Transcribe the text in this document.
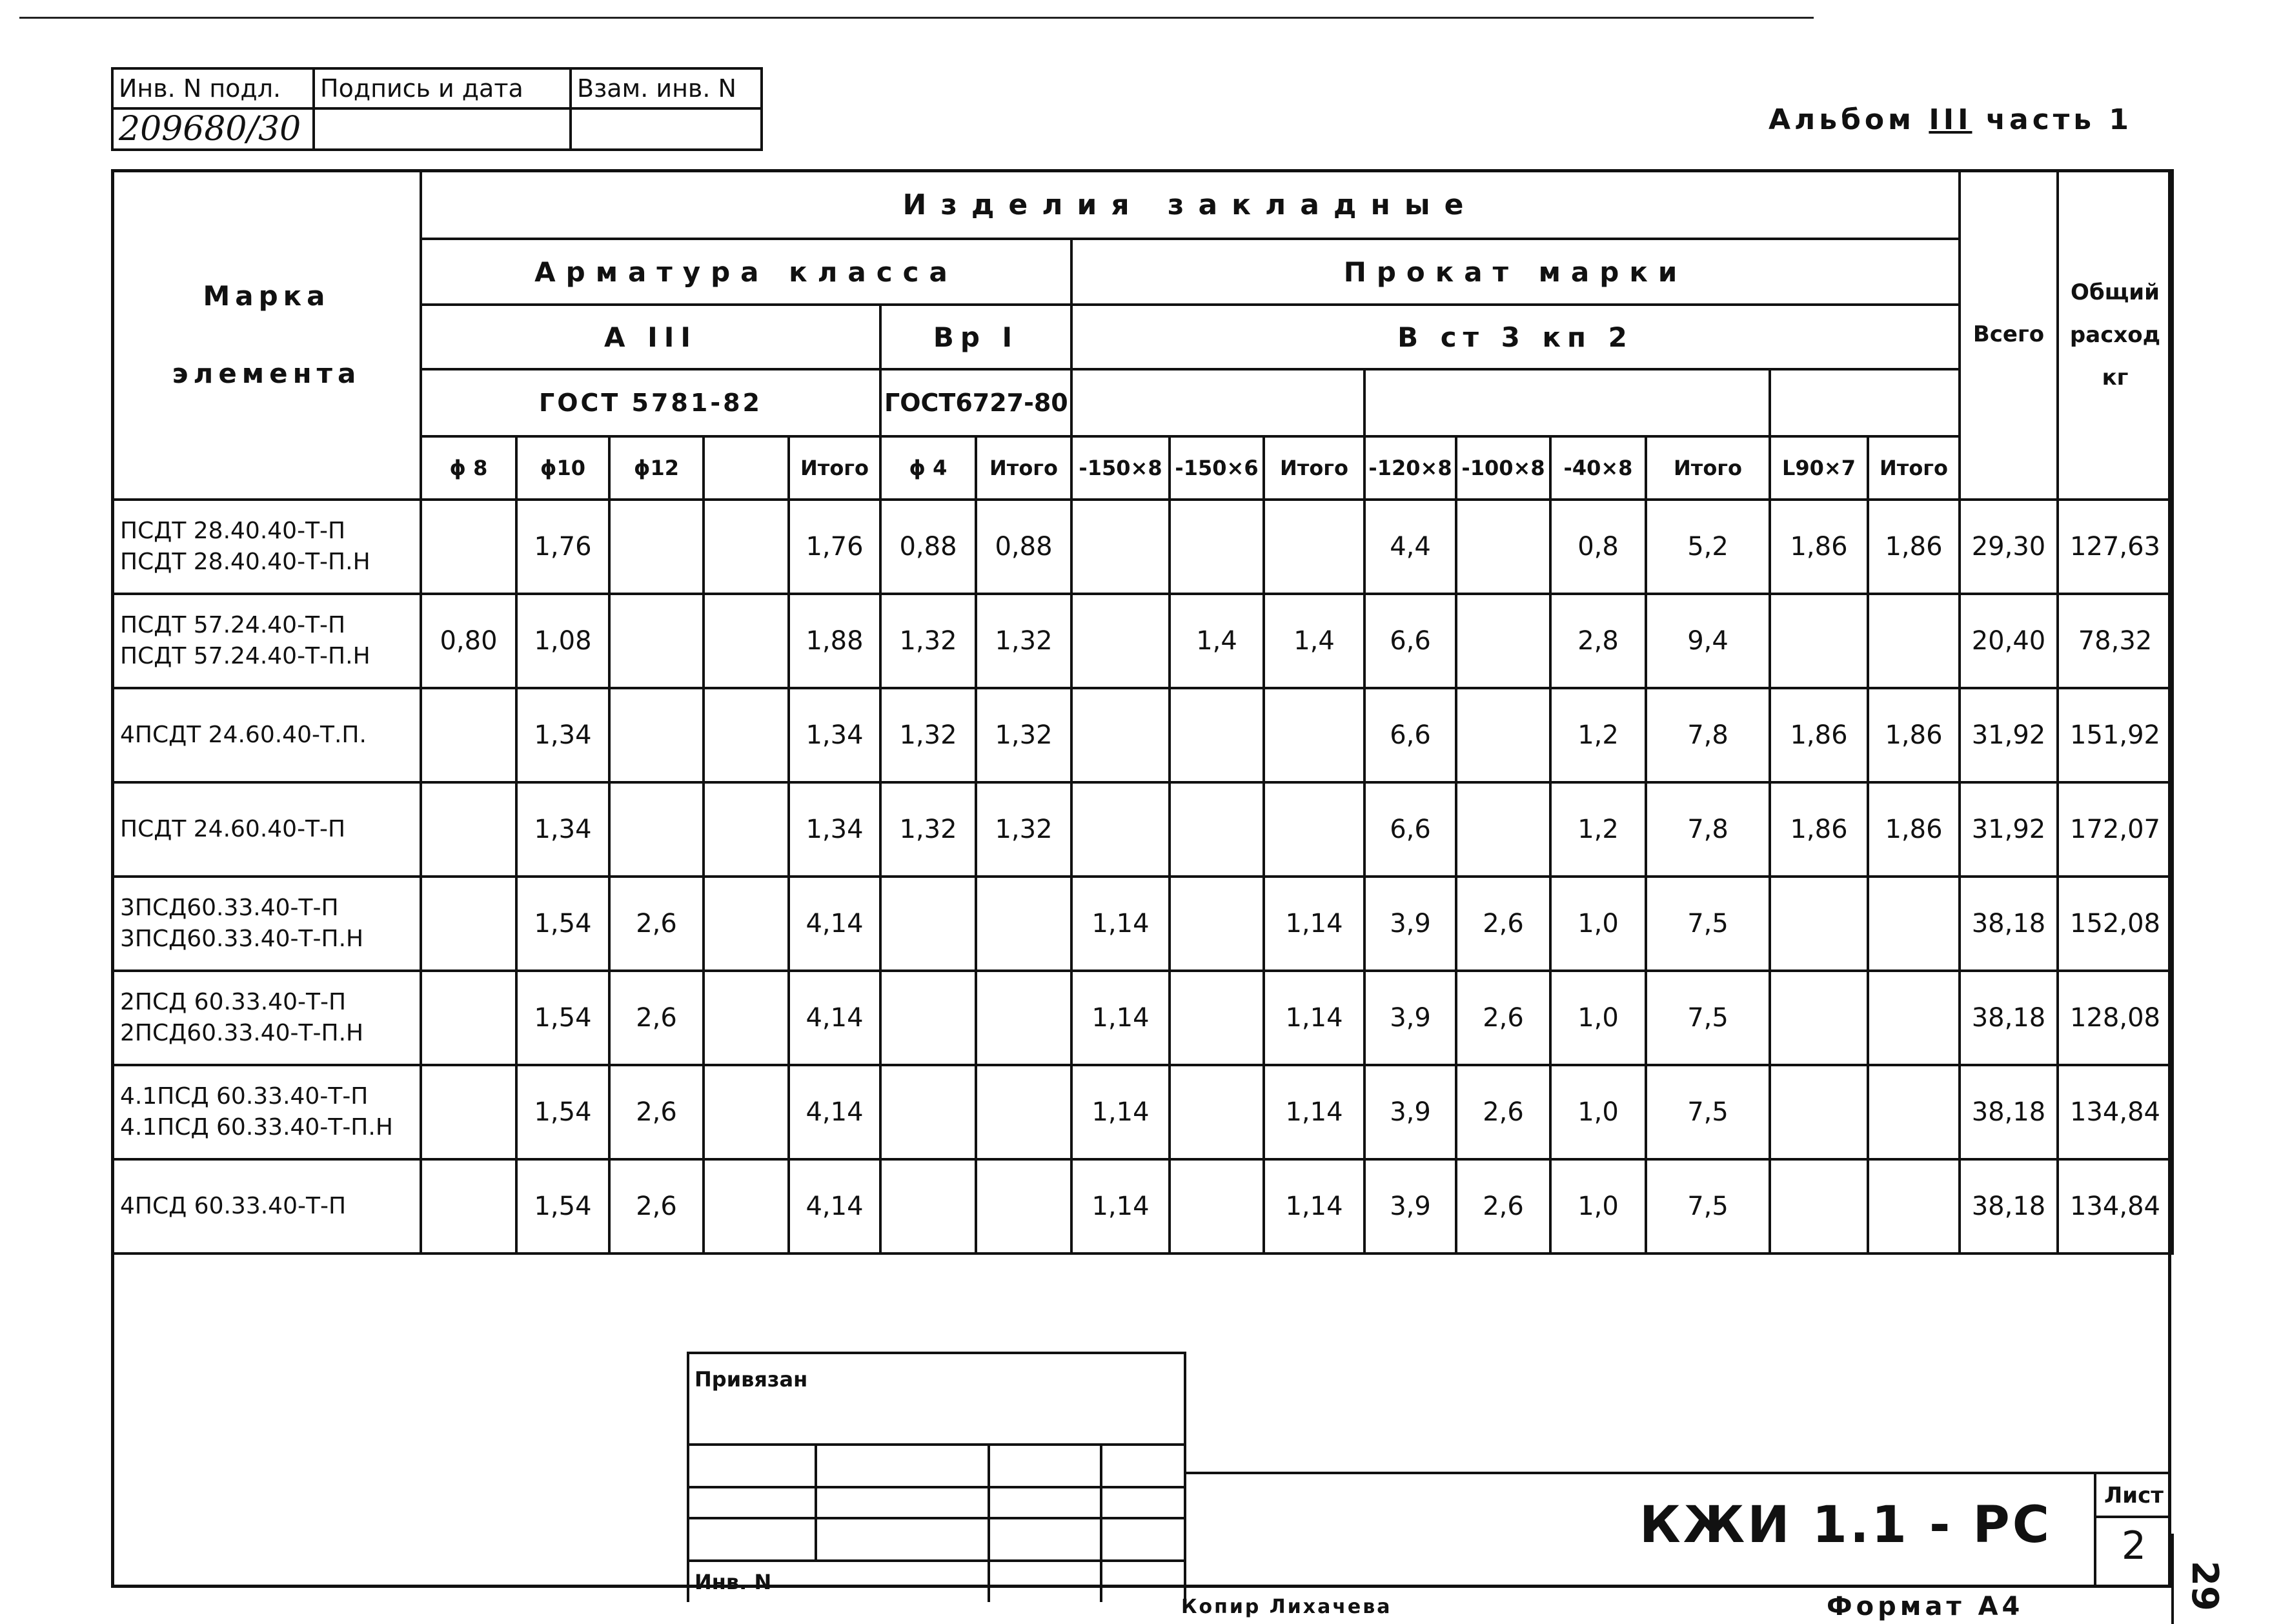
Инв. N подл.	Подпись и дата	Взам. инв. N
209680/30			Альбом III часть 1
Марка элемента	Изделия закладные																Всего	Общий расход кг
	Арматура класса							Прокат марки										
	А III					Вр I		В ст 3 кп 2										
	ГОСТ 5781-82					ГОСТ6727-80												
	ϕ 8	ϕ10	ϕ12		Итого	ϕ 4	Итого	-150×8	-150×6	Итого	-120×8	-100×8	-40×8	Итого	L90×7	Итого		

ПСДТ 28.40.40-Т-П
ПСДТ 28.40.40-Т-П.Н		1,76			1,76	0,88	0,88				4,4		0,8	5,2	1,86	1,86	29,30	127,63

ПСДТ 57.24.40-Т-П
ПСДТ 57.24.40-Т-П.Н	0,80	1,08			1,88	1,32	1,32		1,4	1,4	6,6		2,8	9,4			20,40	78,32

4ПСДТ 24.60.40-Т.П.		1,34			1,34	1,32	1,32				6,6		1,2	7,8	1,86	1,86	31,92	151,92

ПСДТ 24.60.40-Т-П		1,34			1,34	1,32	1,32				6,6		1,2	7,8	1,86	1,86	31,92	172,07

3ПСД60.33.40-Т-П
3ПСД60.33.40-Т-П.Н		1,54	2,6		4,14			1,14		1,14	3,9	2,6	1,0	7,5			38,18	152,08

2ПСД 60.33.40-Т-П
2ПСД60.33.40-Т-П.Н		1,54	2,6		4,14			1,14		1,14	3,9	2,6	1,0	7,5			38,18	128,08

4.1ПСД 60.33.40-Т-П
4.1ПСД 60.33.40-Т-П.Н		1,54	2,6		4,14			1,14		1,14	3,9	2,6	1,0	7,5			38,18	134,84

4ПСД 60.33.40-Т-П		1,54	2,6		4,14			1,14		1,14	3,9	2,6	1,0	7,5			38,18	134,84

Привязан			

Инв. N			
КЖИ 1.1 - РС
Лист
2
Копир Лихачева	Формат А4	29
